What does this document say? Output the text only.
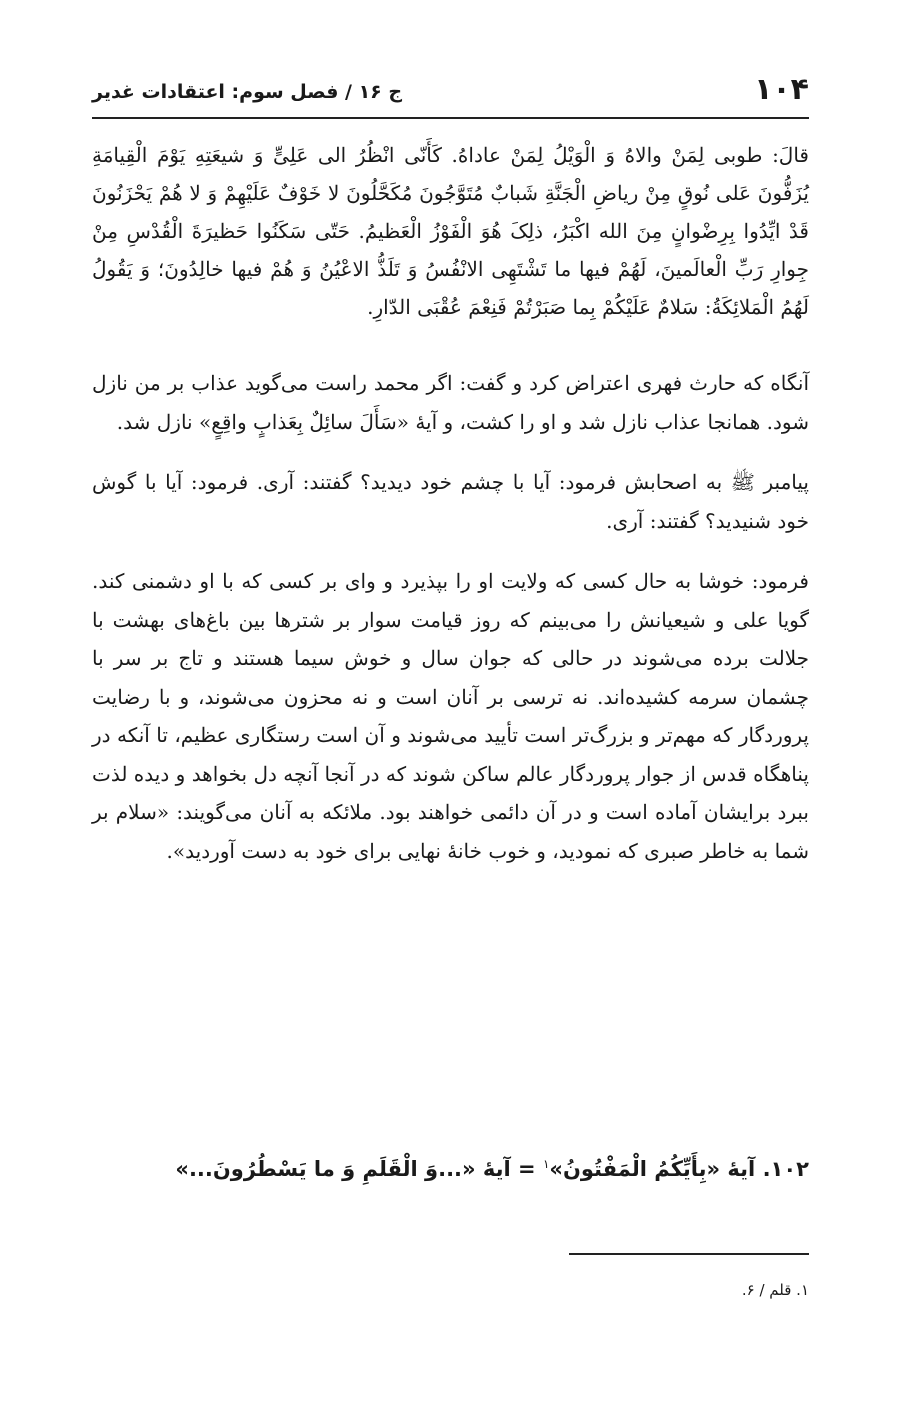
۱۰۴
ج ۱۶ / فصل سوم: اعتقادات غدیر

قالَ: طوبی لِمَنْ والاهُ وَ الْوَیْلُ لِمَنْ عاداهُ. کَأَنّی انْظُرُ الی عَلِیٍّ وَ شیعَتِهِ یَوْمَ الْقِیامَةِ یُزَفُّونَ عَلی نُوقٍ مِنْ ریاضِ الْجَنَّةِ شَبابٌ مُتَوَّجُونَ مُکَحَّلُونَ لا خَوْفٌ عَلَیْهِمْ وَ لا هُمْ یَحْزَنُونَ قَدْ ایِّدُوا بِرِضْوانٍ مِنَ الله اکْبَرُ، ذلِکَ هُوَ الْفَوْزُ الْعَظیمُ. حَتّی سَکَنُوا حَظیرَةَ الْقُدْسِ مِنْ جِوارِ رَبِّ الْعالَمینَ، لَهُمْ فیها ما تَشْتَهِی الانْفُسُ وَ تَلَذُّ الاعْیُنُ وَ هُمْ فیها خالِدُونَ؛ وَ یَقُولُ لَهُمُ الْمَلائِکَةُ: سَلامٌ عَلَیْکُمْ بِما صَبَرْتُمْ فَنِعْمَ عُقْبَی الدّارِ.

آنگاه که حارث فهری اعتراض کرد و گفت: اگر محمد راست می‌گوید عذاب بر من نازل شود. همانجا عذاب نازل شد و او را کشت، و آیهٔ «سَأَلَ سائِلٌ بِعَذابٍ واقِعٍ» نازل شد.

پیامبر ﷺ به اصحابش فرمود: آیا با چشم خود دیدید؟ گفتند: آری. فرمود: آیا با گوش خود شنیدید؟ گفتند: آری.

فرمود: خوشا به حال کسی که ولایت او را بپذیرد و وای بر کسی که با او دشمنی کند. گویا علی و شیعیانش را می‌بینم که روز قیامت سوار بر شترها بین باغ‌های بهشت با جلالت برده می‌شوند در حالی که جوان سال و خوش سیما هستند و تاج بر سر با چشمان سرمه کشیده‌اند. نه ترسی بر آنان است و نه محزون می‌شوند، و با رضایت پروردگار که مهم‌تر و بزرگ‌تر است تأیید می‌شوند و آن است رستگاری عظیم، تا آنکه در پناهگاه قدس از جوار پروردگار عالم ساکن شوند که در آنجا آنچه دل بخواهد و دیده لذت ببرد برایشان آماده است و در آن دائمی خواهند بود. ملائکه به آنان می‌گویند: «سلام بر شما به خاطر صبری که نمودید، و خوب خانهٔ نهایی برای خود به دست آوردید».

۱۰۲. آیهٔ «بِأَیِّکُمُ الْمَفْتُونُ»$^۱$ = آیهٔ «...وَ الْقَلَمِ وَ ما یَسْطُرُونَ...»
۱. قلم / ۶.
